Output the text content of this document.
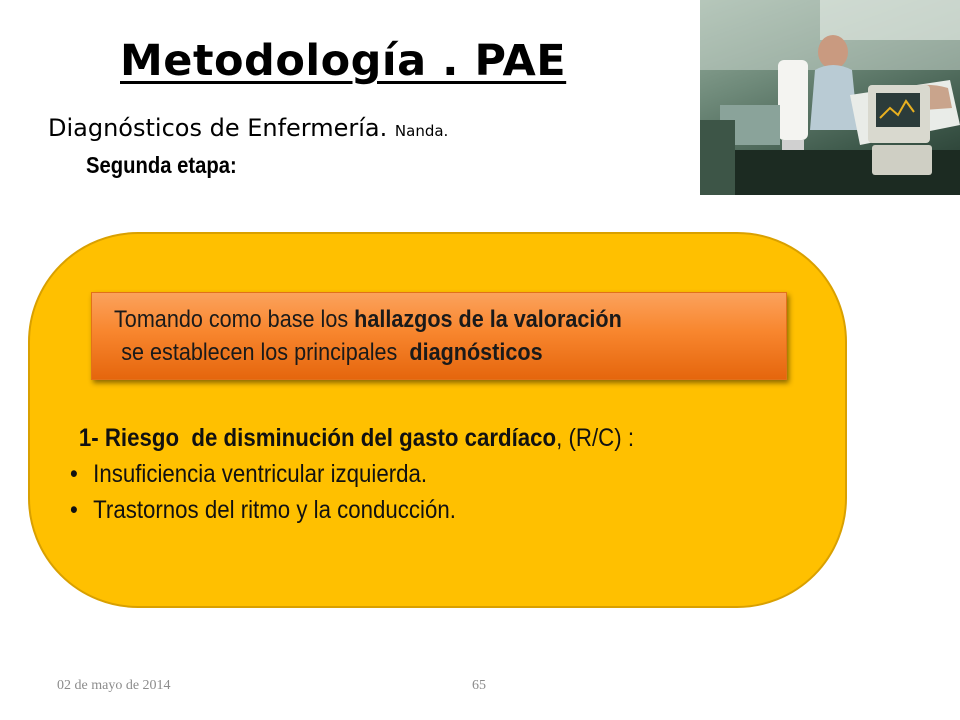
Metodología . PAE
Diagnósticos de Enfermería. Nanda.
Segunda etapa:
Tomando como base los hallazgos de la valoración
se establecen los principales  diagnósticos
1- Riesgo  de disminución del gasto cardíaco, (R/C) :
• Insuficiencia ventricular izquierda.
• Trastornos del ritmo y la conducción.
02 de mayo de 2014	65
